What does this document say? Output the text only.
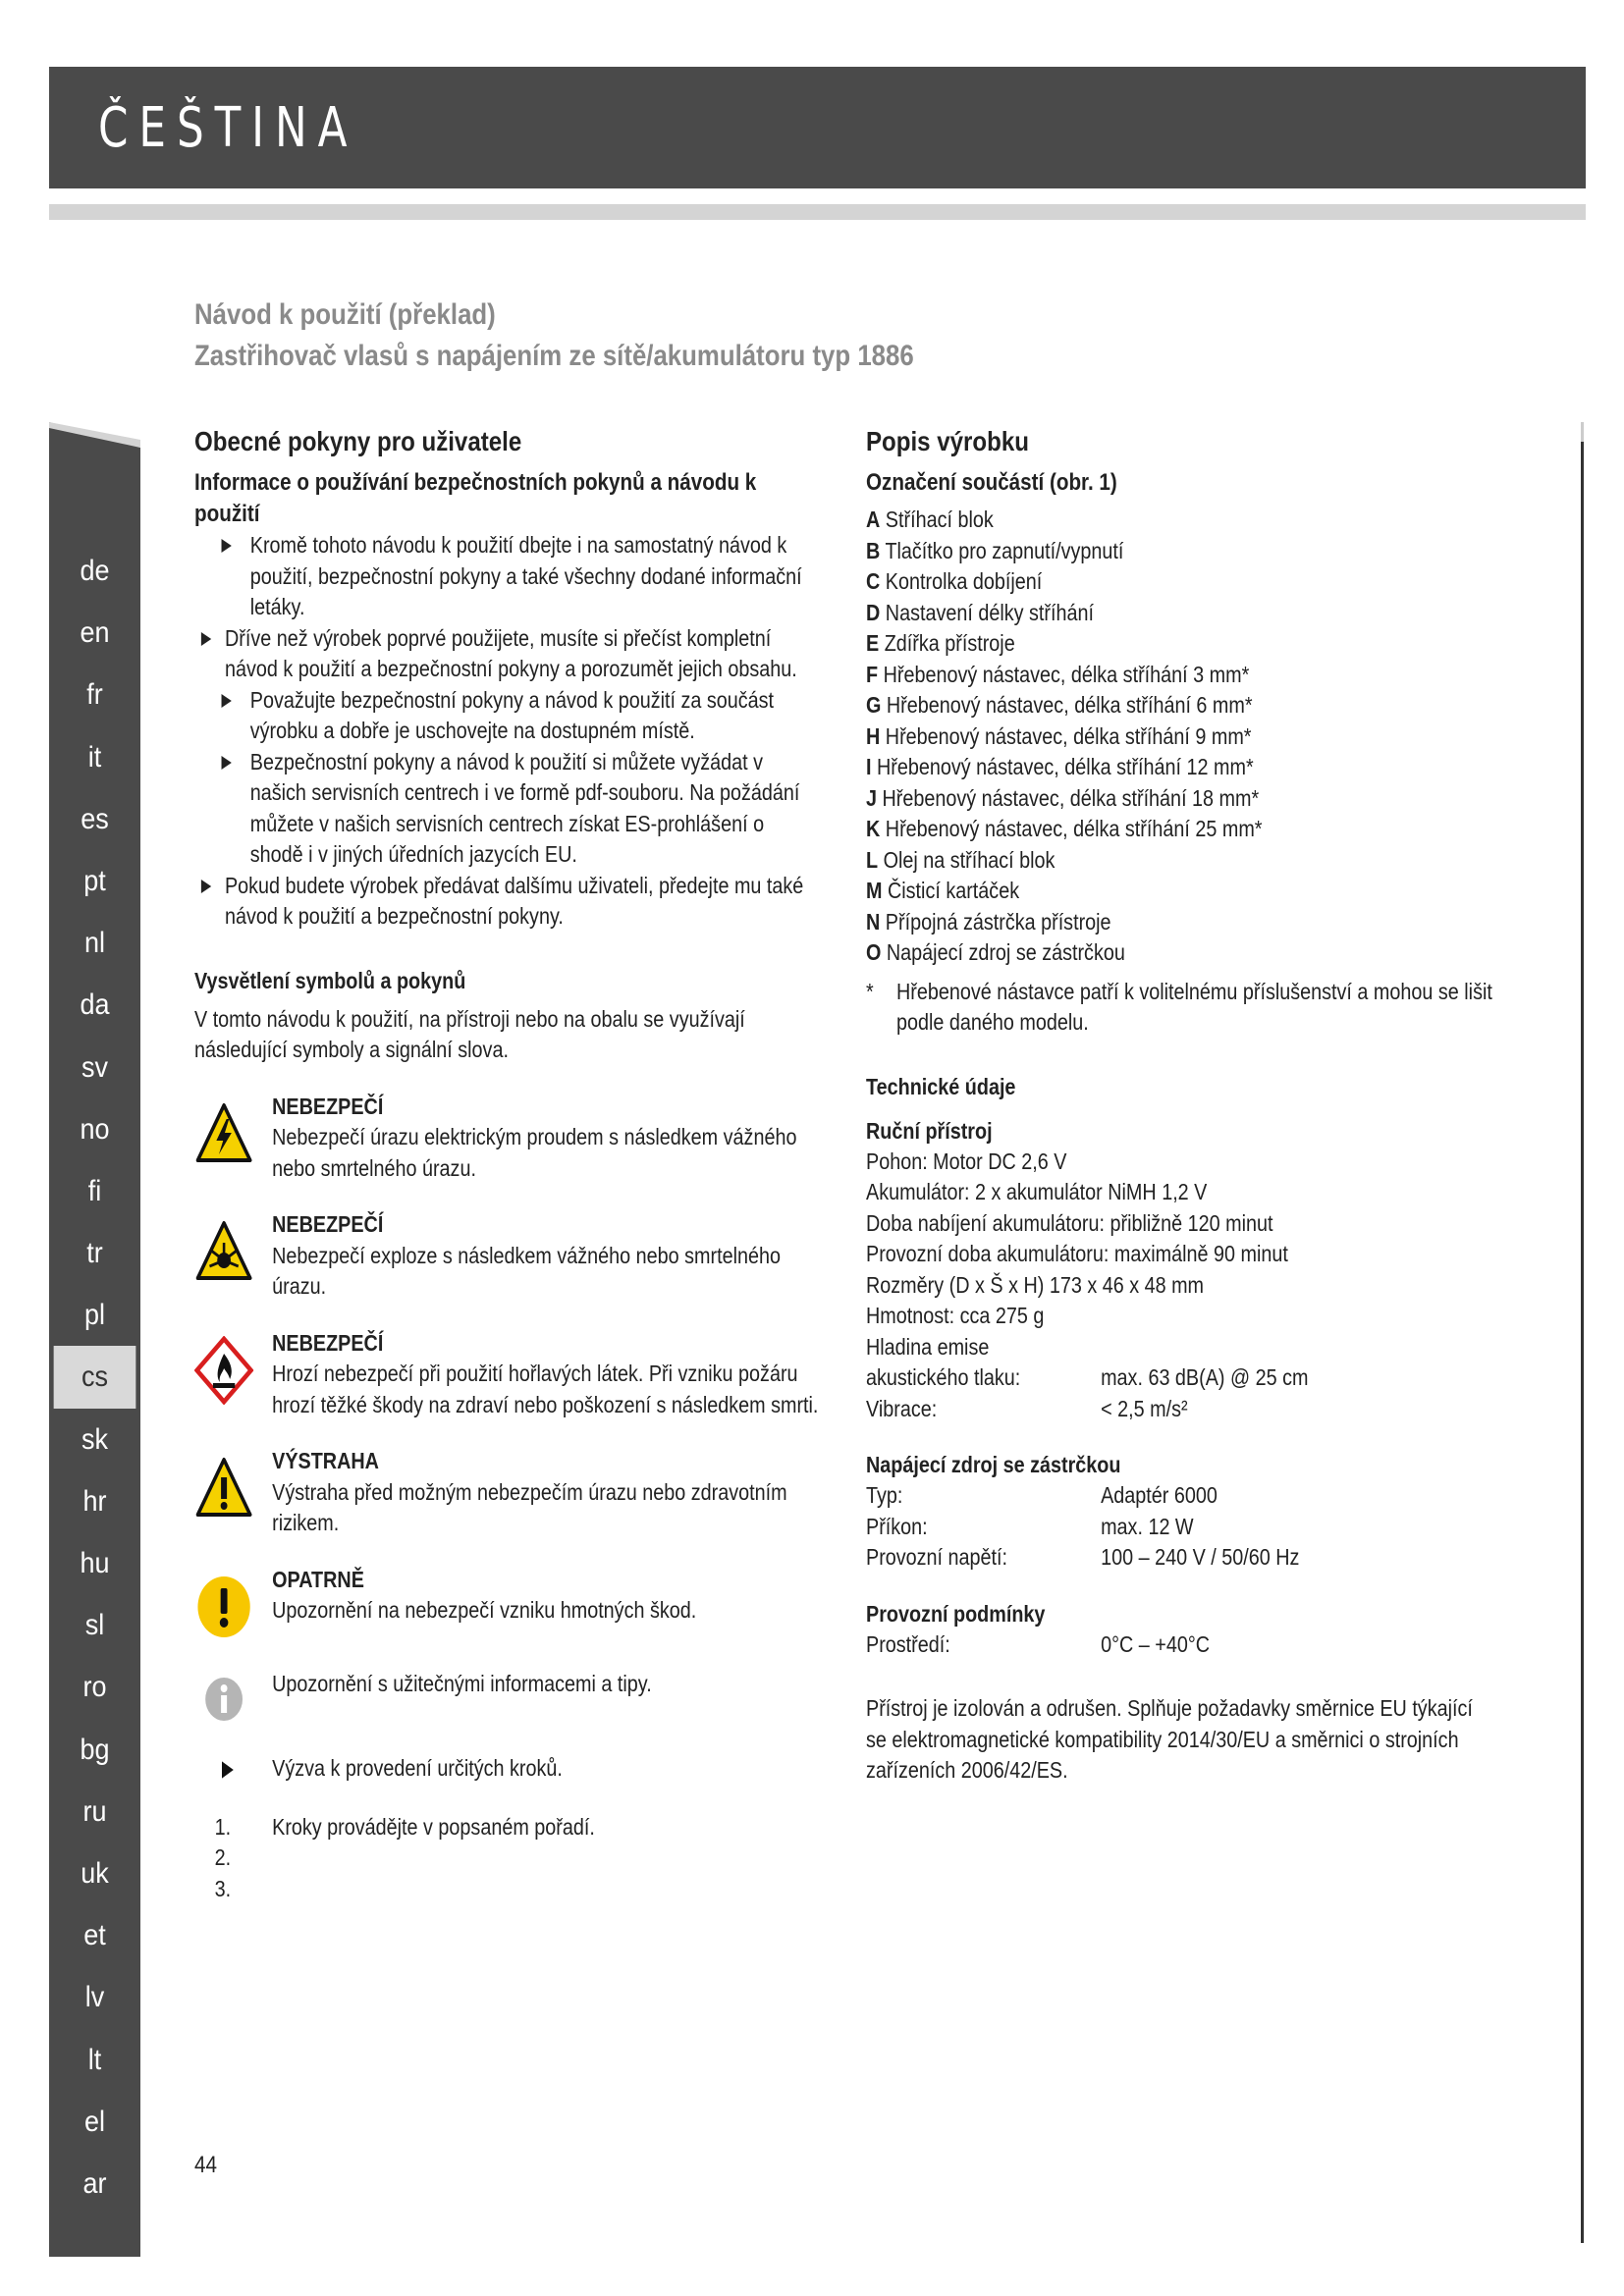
ČEŠTINA
Návod k použití (překlad)
Zastřihovač vlasů s napájením ze sítě/akumulátoru typ 1886
de
en
fr
it
es
pt
nl
da
sv
no
fi
tr
pl
cs
sk
hr
hu
sl
ro
bg
ru
uk
et
lv
lt
el
ar
Obecné pokyny pro uživatele
Informace o používání bezpečnostních pokynů a návodu k použití
Kromě tohoto návodu k použití dbejte i na samostatný návod k použití, bezpečnostní pokyny a také všechny dodané informační letáky.
Dříve než výrobek poprvé použijete, musíte si přečíst kompletní návod k použití a bezpečnostní pokyny a porozumět jejich obsahu.
Považujte bezpečnostní pokyny a návod k použití za součást výrobku a dobře je uschovejte na dostupném místě.
Bezpečnostní pokyny a návod k použití si můžete vyžádat v našich servisních centrech i ve formě pdf-souboru. Na požádání můžete v našich servisních centrech získat ES-prohlášení o shodě i v jiných úředních jazycích EU.
Pokud budete výrobek předávat dalšímu uživateli, předejte mu také návod k použití a bezpečnostní pokyny.
Vysvětlení symbolů a pokynů

V tomto návodu k použití, na přístroji nebo na obalu se využívají následující symboly a signální slova.

NEBEZPEČÍ
Nebezpečí úrazu elektrickým proudem s následkem vážného nebo smrtelného úrazu.
NEBEZPEČÍ
Nebezpečí exploze s následkem vážného nebo smrtelného úrazu.
NEBEZPEČÍ
Hrozí nebezpečí při použití hořlavých látek. Při vzniku požáru hrozí těžké škody na zdraví nebo poškození s následkem smrti.
VÝSTRAHA
Výstraha před možným nebezpečím úrazu nebo zdravotním rizikem.
OPATRNĚ
Upozornění na nebezpečí vzniku hmotných škod.
Upozornění s užitečnými informacemi a tipy.
Výzva k provedení určitých kroků.
1.
2.
3.
Kroky provádějte v popsaném pořadí.
Popis výrobku
Označení součástí (obr. 1)
A Stříhací blok
B Tlačítko pro zapnutí/vypnutí
C Kontrolka dobíjení
D Nastavení délky stříhání
E Zdířka přístroje
F Hřebenový nástavec, délka stříhání 3 mm*
G Hřebenový nástavec, délka stříhání 6 mm*
H Hřebenový nástavec, délka stříhání 9 mm*
I Hřebenový nástavec, délka stříhání 12 mm*
J Hřebenový nástavec, délka stříhání 18 mm*
K Hřebenový nástavec, délka stříhání 25 mm*
L Olej na stříhací blok
M Čisticí kartáček
N Přípojná zástrčka přístroje
O Napájecí zdroj se zástrčkou
* Hřebenové nástavce patří k volitelnému příslušenství a mohou se lišit podle daného modelu.
Technické údaje
Ruční přístroj
Pohon: Motor DC 2,6 V
Akumulátor: 2 x akumulátor NiMH 1,2 V
Doba nabíjení akumulátoru: přibližně 120 minut
Provozní doba akumulátoru: maximálně 90 minut
Rozměry (D x Š x H) 173 x 46 x 48 mm
Hmotnost: cca 275 g
Hladina emise
akustického tlaku:	max. 63 dB(A) @ 25 cm
Vibrace:	< 2,5 m/s²
Napájecí zdroj se zástrčkou
Typ:	Adaptér 6000
Příkon:	max. 12 W
Provozní napětí:	100 – 240 V / 50/60 Hz
Provozní podmínky
Prostředí:	0°C – +40°C

Přístroj je izolován a odrušen. Splňuje požadavky směrnice EU týkající se elektromagnetické kompatibility 2014/30/EU a směrnici o strojních zařízeních 2006/42/ES.

44
